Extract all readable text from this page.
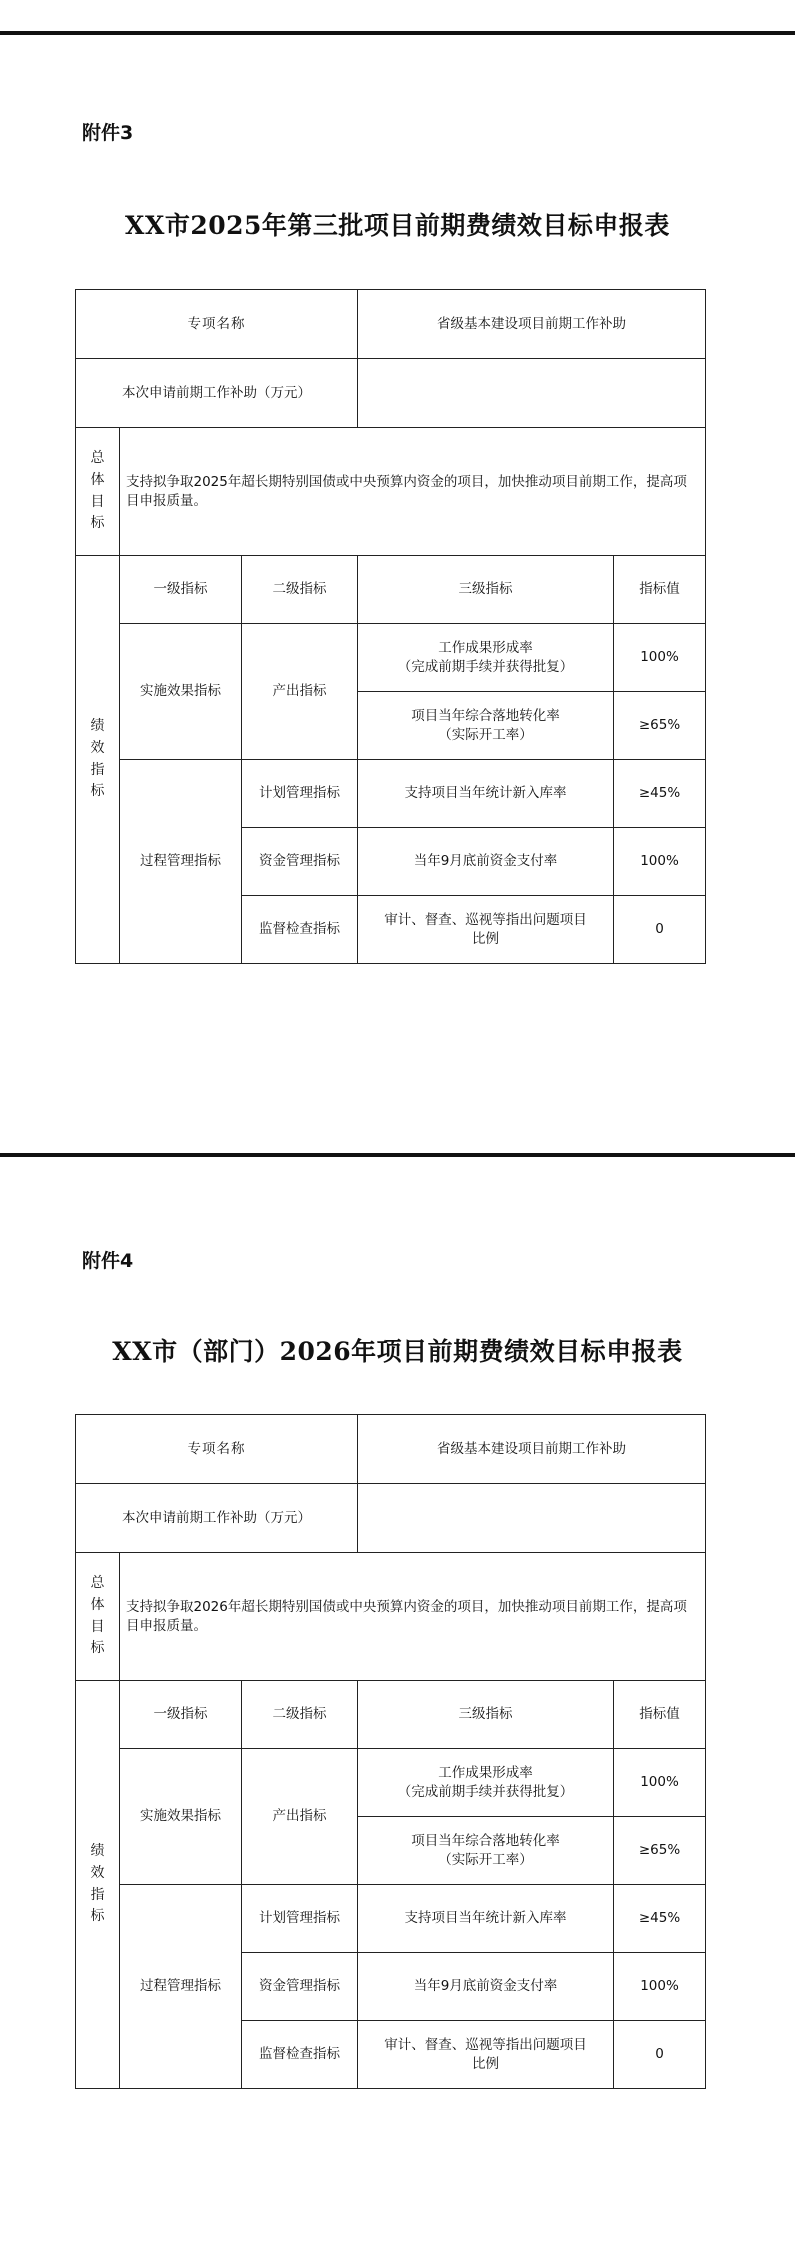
附件3
XX市2025年第三批项目前期费绩效目标申报表
专项名称			省级基本建设项目前期工作补助	
本次申请前期工作补助（万元）				

总
体
目
标	支持拟争取2025年超长期特别国债或中央预算内资金的项目，加快推动项目前期工作，提高项目申报质量。			

绩
效
指
标	一级指标	二级指标	三级指标	指标值
	实施效果指标	产出指标	工作成果形成率
（完成前期手续并获得批复）	100%

			项目当年综合落地转化率
（实际开工率）	≥65%
	过程管理指标	计划管理指标	支持项目当年统计新入库率	≥45%
		资金管理指标	当年9月底前资金支付率	100%
		监督检查指标	审计、督查、巡视等指出问题项目
比例	0
附件4
XX市（部门）2026年项目前期费绩效目标申报表
专项名称			省级基本建设项目前期工作补助	
本次申请前期工作补助（万元）				

总
体
目
标	支持拟争取2026年超长期特别国债或中央预算内资金的项目，加快推动项目前期工作，提高项目申报质量。			

绩
效
指
标	一级指标	二级指标	三级指标	指标值
	实施效果指标	产出指标	工作成果形成率
（完成前期手续并获得批复）	100%

			项目当年综合落地转化率
（实际开工率）	≥65%
	过程管理指标	计划管理指标	支持项目当年统计新入库率	≥45%
		资金管理指标	当年9月底前资金支付率	100%
		监督检查指标	审计、督查、巡视等指出问题项目
比例	0
